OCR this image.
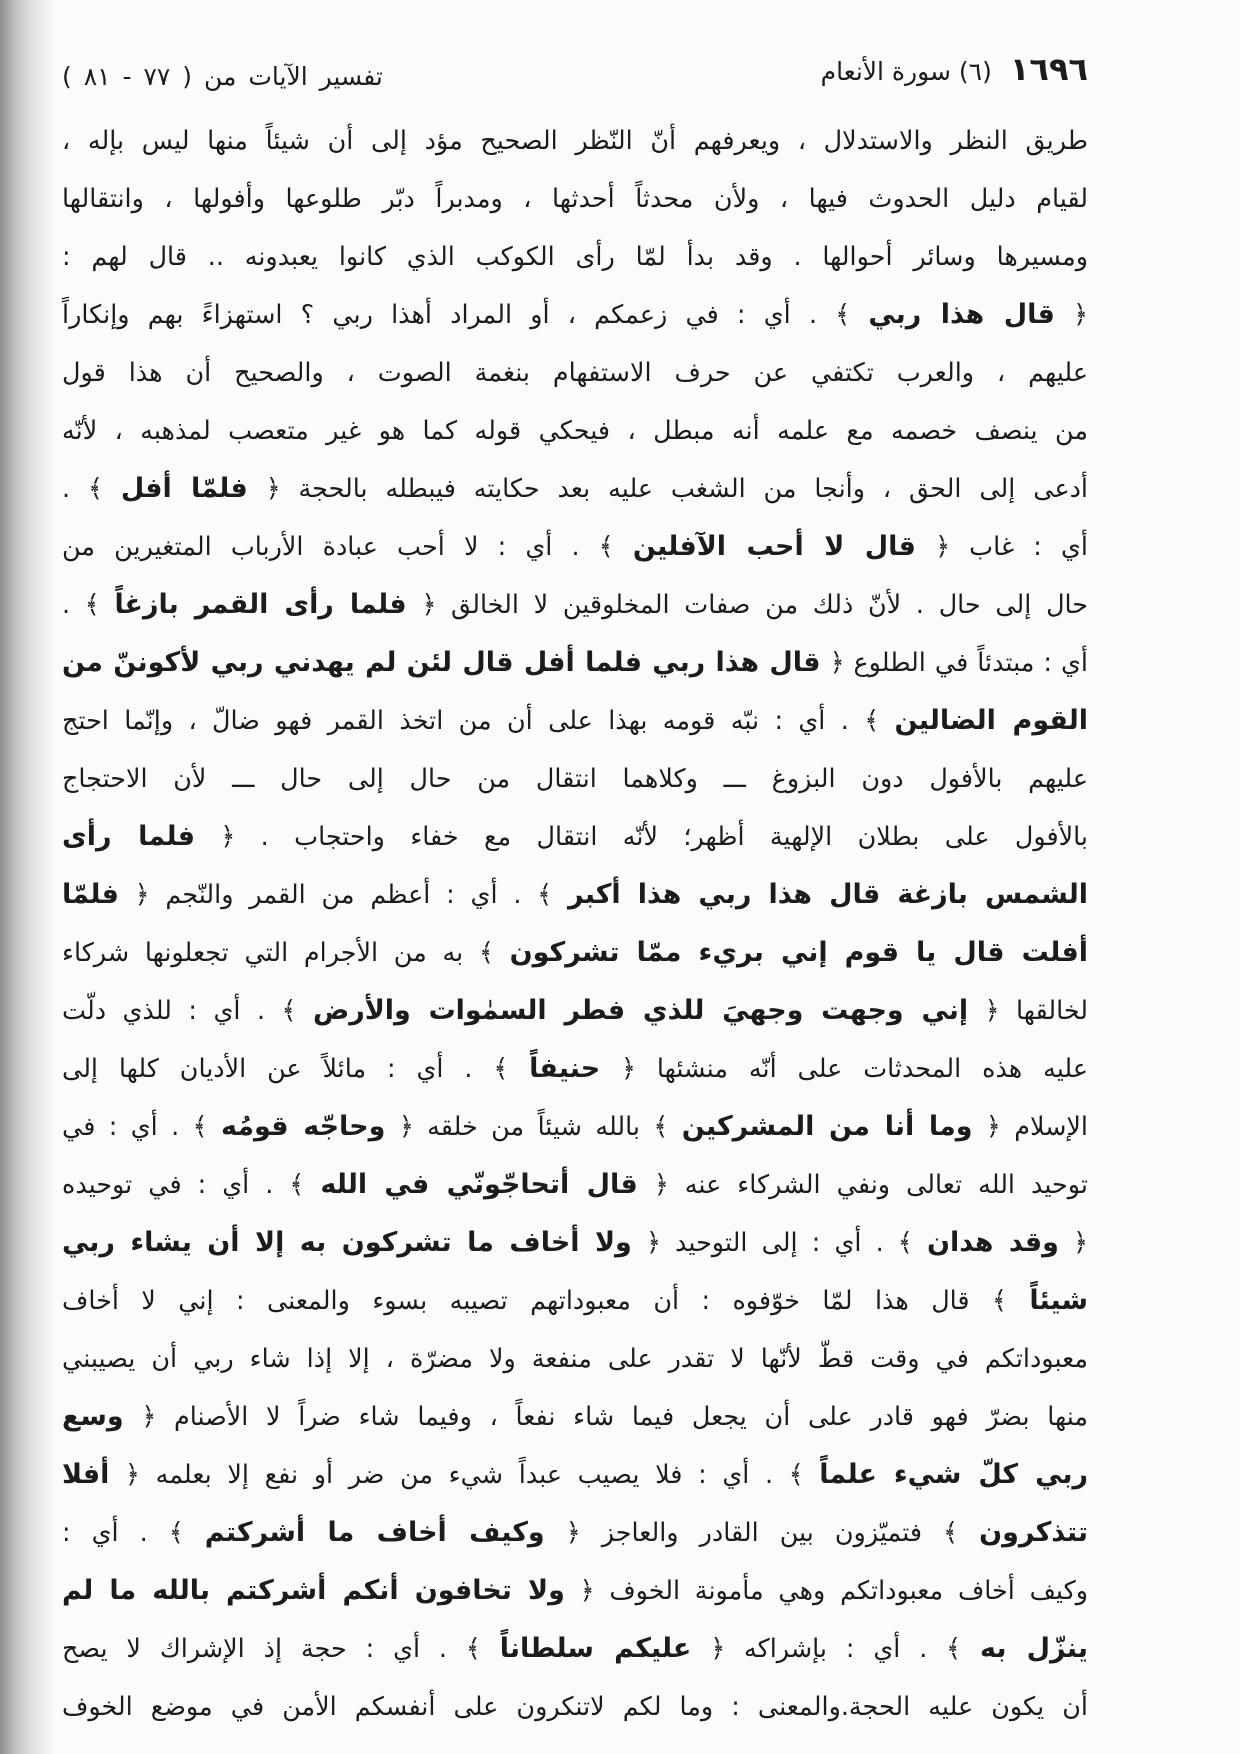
١٦٩٦
(٦) سورة الأنعام
تفسير الآيات من ( ٧٧ - ٨١ )
طريق النظر والاستدلال ، ويعرفهم أنّ النّظر الصحيح مؤد إلى أن شيئاً منها ليس بإله ،
لقيام دليل الحدوث فيها ، ولأن محدثاً أحدثها ، ومدبراً دبّر طلوعها وأفولها ، وانتقالها
ومسيرها وسائر أحوالها . وقد بدأ لمّا رأى الكوكب الذي كانوا يعبدونه .. قال لهم :
﴿ قال هذا ربي ﴾ . أي : في زعمكم ، أو المراد أهذا ربي ؟ استهزاءً بهم وإنكاراً
عليهم ، والعرب تكتفي عن حرف الاستفهام بنغمة الصوت ، والصحيح أن هذا قول
من ينصف خصمه مع علمه أنه مبطل ، فيحكي قوله كما هو غير متعصب لمذهبه ، لأنّه
أدعى إلى الحق ، وأنجا من الشغب عليه بعد حكايته فيبطله بالحجة ﴿ فلمّا أفل ﴾ .
أي : غاب ﴿ قال لا أحب الآفلين ﴾ . أي : لا أحب عبادة الأرباب المتغيرين من
حال إلى حال . لأنّ ذلك من صفات المخلوقين لا الخالق ﴿ فلما رأى القمر بازغاً ﴾ .
أي : مبتدئاً في الطلوع ﴿ قال هذا ربي فلما أفل قال لئن لم يهدني ربي لأكوننّ من
القوم الضالين ﴾ . أي : نبّه قومه بهذا على أن من اتخذ القمر فهو ضالّ ، وإنّما احتج
عليهم بالأفول دون البزوغ ـــ وكلاهما انتقال من حال إلى حال ـــ لأن الاحتجاج
بالأفول على بطلان الإلهية أظهر؛ لأنّه انتقال مع خفاء واحتجاب . ﴿ فلما رأى
الشمس بازغة قال هذا ربي هذا أكبر ﴾ . أي : أعظم من القمر والنّجم ﴿ فلمّا
أفلت قال يا قوم إني بريء ممّا تشركون ﴾ به من الأجرام التي تجعلونها شركاء
لخالقها ﴿ إني وجهت وجهيَ للذي فطر السمٰوات والأرض ﴾ . أي : للذي دلّت
عليه هذه المحدثات على أنّه منشئها ﴿ حنيفاً ﴾ . أي : مائلاً عن الأديان كلها إلى
الإسلام ﴿ وما أنا من المشركين ﴾ بالله شيئاً من خلقه ﴿ وحاجّه قومُه ﴾ . أي : في
توحيد الله تعالى ونفي الشركاء عنه ﴿ قال أتحاجّونّي في الله ﴾ . أي : في توحيده
﴿ وقد هدان ﴾ . أي : إلى التوحيد ﴿ ولا أخاف ما تشركون به إلا أن يشاء ربي
شيئاً ﴾ قال هذا لمّا خوّفوه : أن معبوداتهم تصيبه بسوء والمعنى : إني لا أخاف
معبوداتكم في وقت قطّ لأنّها لا تقدر على منفعة ولا مضرّة ، إلا إذا شاء ربي أن يصيبني
منها بضرّ فهو قادر على أن يجعل فيما شاء نفعاً ، وفيما شاء ضراً لا الأصنام ﴿ وسع
ربي كلّ شيء علماً ﴾ . أي : فلا يصيب عبداً شيء من ضر أو نفع إلا بعلمه ﴿ أفلا
تتذكرون ﴾ فتميّزون بين القادر والعاجز ﴿ وكيف أخاف ما أشركتم ﴾ . أي :
وكيف أخاف معبوداتكم وهي مأمونة الخوف ﴿ ولا تخافون أنكم أشركتم بالله ما لم
ينزّل به ﴾ . أي : بإشراكه ﴿ عليكم سلطاناً ﴾ . أي : حجة إذ الإشراك لا يصح
أن يكون عليه الحجة.والمعنى : وما لكم لاتنكرون على أنفسكم الأمن في موضع الخوف
